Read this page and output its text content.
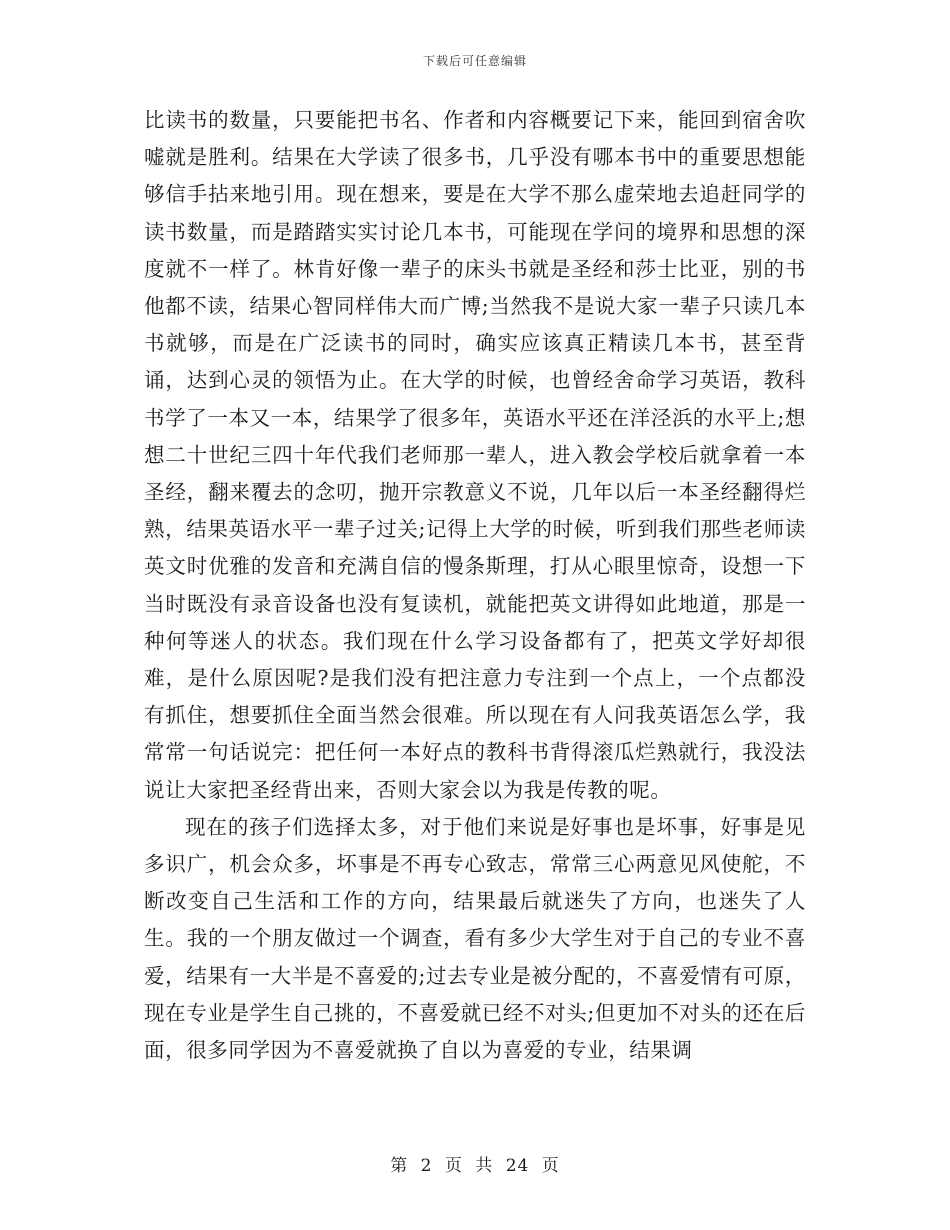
下载后可任意编辑

比读书的数量，只要能把书名、作者和内容概要记下来，能回到宿舍吹嘘就是胜利。结果在大学读了很多书，几乎没有哪本书中的重要思想能够信手拈来地引用。现在想来，要是在大学不那么虚荣地去追赶同学的读书数量，而是踏踏实实讨论几本书，可能现在学问的境界和思想的深度就不一样了。林肯好像一辈子的床头书就是圣经和莎士比亚，别的书他都不读，结果心智同样伟大而广博;当然我不是说大家一辈子只读几本书就够，而是在广泛读书的同时，确实应该真正精读几本书，甚至背诵，达到心灵的领悟为止。在大学的时候，也曾经舍命学习英语，教科书学了一本又一本，结果学了很多年，英语水平还在洋泾浜的水平上;想想二十世纪三四十年代我们老师那一辈人，进入教会学校后就拿着一本圣经，翻来覆去的念叨，抛开宗教意义不说，几年以后一本圣经翻得烂熟，结果英语水平一辈子过关;记得上大学的时候，听到我们那些老师读英文时优雅的发音和充满自信的慢条斯理，打从心眼里惊奇，设想一下当时既没有录音设备也没有复读机，就能把英文讲得如此地道，那是一种何等迷人的状态。我们现在什么学习设备都有了，把英文学好却很难，是什么原因呢?是我们没有把注意力专注到一个点上，一个点都没有抓住，想要抓住全面当然会很难。所以现在有人问我英语怎么学，我常常一句话说完：把任何一本好点的教科书背得滚瓜烂熟就行，我没法说让大家把圣经背出来，否则大家会以为我是传教的呢。

现在的孩子们选择太多，对于他们来说是好事也是坏事，好事是见多识广，机会众多，坏事是不再专心致志，常常三心两意见风使舵，不断改变自己生活和工作的方向，结果最后就迷失了方向，也迷失了人生。我的一个朋友做过一个调查，看有多少大学生对于自己的专业不喜爱，结果有一大半是不喜爱的;过去专业是被分配的，不喜爱情有可原，现在专业是学生自己挑的，不喜爱就已经不对头;但更加不对头的还在后面，很多同学因为不喜爱就换了自以为喜爱的专业，结果调

第 2 页 共 24 页
